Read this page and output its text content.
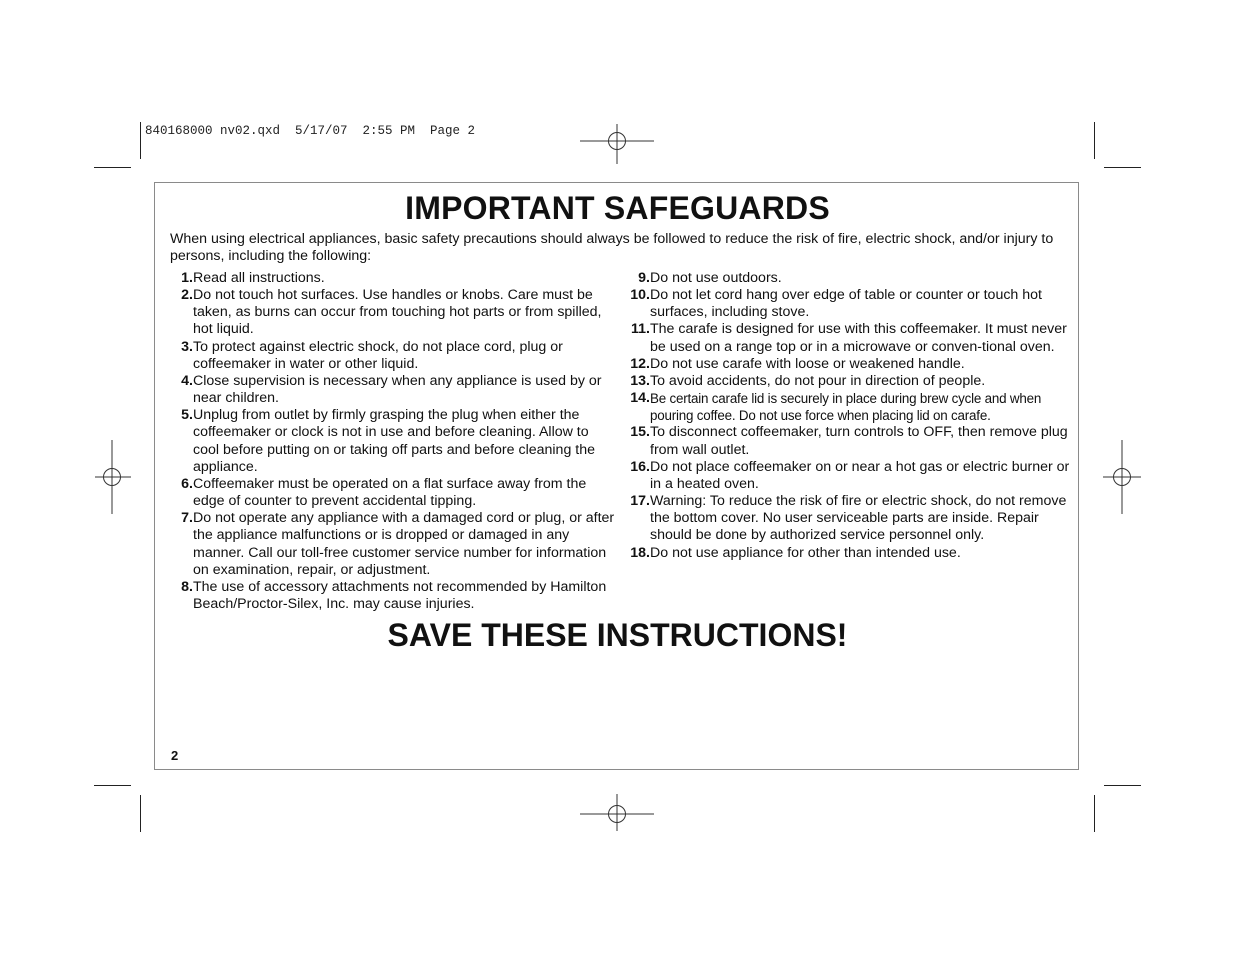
840168000 nv02.qxd  5/17/07  2:55 PM  Page 2
IMPORTANT SAFEGUARDS
When using electrical appliances, basic safety precautions should always be followed to reduce the risk of fire, electric shock, and/or injury to persons, including the following:
1. Read all instructions.
2. Do not touch hot surfaces. Use handles or knobs. Care must be taken, as burns can occur from touching hot parts or from spilled, hot liquid.
3. To protect against electric shock, do not place cord, plug or coffeemaker in water or other liquid.
4. Close supervision is necessary when any appliance is used by or near children.
5. Unplug from outlet by firmly grasping the plug when either the coffeemaker or clock is not in use and before cleaning. Allow to cool before putting on or taking off parts and before cleaning the appliance.
6. Coffeemaker must be operated on a flat surface away from the edge of counter to prevent accidental tipping.
7. Do not operate any appliance with a damaged cord or plug, or after the appliance malfunctions or is dropped or damaged in any manner. Call our toll-free customer service number for information on examination, repair, or adjustment.
8. The use of accessory attachments not recommended by Hamilton Beach/Proctor-Silex, Inc. may cause injuries.
9. Do not use outdoors.
10. Do not let cord hang over edge of table or counter or touch hot surfaces, including stove.
11. The carafe is designed for use with this coffeemaker. It must never be used on a range top or in a microwave or conven-tional oven.
12. Do not use carafe with loose or weakened handle.
13. To avoid accidents, do not pour in direction of people.
14. Be certain carafe lid is securely in place during brew cycle and when pouring coffee. Do not use force when placing lid on carafe.
15. To disconnect coffeemaker, turn controls to OFF, then remove plug from wall outlet.
16. Do not place coffeemaker on or near a hot gas or electric burner or in a heated oven.
17. Warning: To reduce the risk of fire or electric shock, do not remove the bottom cover. No user serviceable parts are inside. Repair should be done by authorized service personnel only.
18. Do not use appliance for other than intended use.
SAVE THESE INSTRUCTIONS!
2
